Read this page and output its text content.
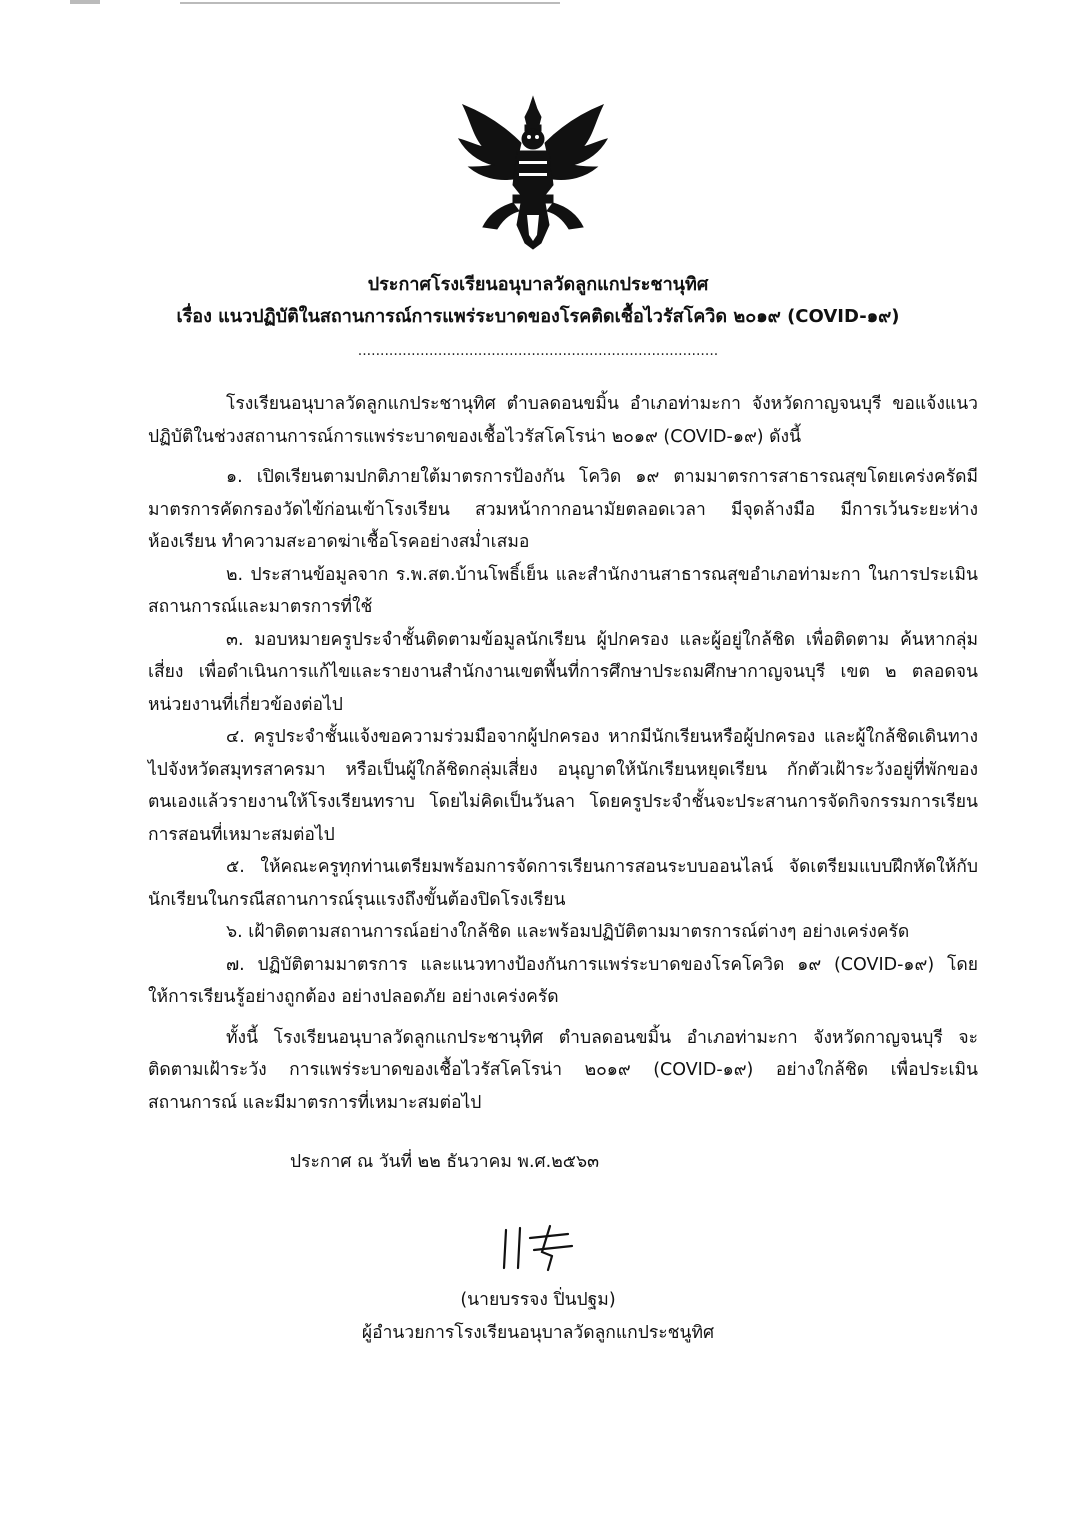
ประกาศโรงเรียนอนุบาลวัดลูกแกประชานุทิศ
เรื่อง แนวปฏิบัติในสถานการณ์การแพร่ระบาดของโรคติดเชื้อไวรัสโควิด ๒๐๑๙ (COVID-๑๙)
.................................................................................

โรงเรียนอนุบาลวัดลูกแกประชานุทิศ ตำบลดอนขมิ้น อำเภอท่ามะกา จังหวัดกาญจนบุรี ขอแจ้งแนวปฏิบัติในช่วงสถานการณ์การแพร่ระบาดของเชื้อไวรัสโคโรน่า ๒๐๑๙ (COVID-๑๙) ดังนี้

๑. เปิดเรียนตามปกติภายใต้มาตรการป้องกัน โควิด ๑๙ ตามมาตรการสาธารณสุขโดยเคร่งครัดมีมาตรการคัดกรองวัดไข้ก่อนเข้าโรงเรียน สวมหน้ากากอนามัยตลอดเวลา มีจุดล้างมือ มีการเว้นระยะห่างห้องเรียน ทำความสะอาดฆ่าเชื้อโรคอย่างสม่ำเสมอ

๒. ประสานข้อมูลจาก ร.พ.สต.บ้านโพธิ์เย็น และสำนักงานสาธารณสุขอำเภอท่ามะกา ในการประเมินสถานการณ์และมาตรการที่ใช้

๓. มอบหมายครูประจำชั้นติดตามข้อมูลนักเรียน ผู้ปกครอง และผู้อยู่ใกล้ชิด เพื่อติดตาม ค้นหากลุ่มเสี่ยง เพื่อดำเนินการแก้ไขและรายงานสำนักงานเขตพื้นที่การศึกษาประถมศึกษากาญจนบุรี เขต ๒ ตลอดจนหน่วยงานที่เกี่ยวข้องต่อไป

๔. ครูประจำชั้นแจ้งขอความร่วมมือจากผู้ปกครอง หากมีนักเรียนหรือผู้ปกครอง และผู้ใกล้ชิดเดินทางไปจังหวัดสมุทรสาครมา หรือเป็นผู้ใกล้ชิดกลุ่มเสี่ยง อนุญาตให้นักเรียนหยุดเรียน กักตัวเฝ้าระวังอยู่ที่พักของตนเองแล้วรายงานให้โรงเรียนทราบ โดยไม่คิดเป็นวันลา โดยครูประจำชั้นจะประสานการจัดกิจกรรมการเรียนการสอนที่เหมาะสมต่อไป

๕. ให้คณะครูทุกท่านเตรียมพร้อมการจัดการเรียนการสอนระบบออนไลน์ จัดเตรียมแบบฝึกหัดให้กับนักเรียนในกรณีสถานการณ์รุนแรงถึงขั้นต้องปิดโรงเรียน

๖. เฝ้าติดตามสถานการณ์อย่างใกล้ชิด และพร้อมปฏิบัติตามมาตรการณ์ต่างๆ อย่างเคร่งครัด

๗. ปฏิบัติตามมาตรการ และแนวทางป้องกันการแพร่ระบาดของโรคโควิด ๑๙ (COVID-๑๙) โดยให้การเรียนรู้อย่างถูกต้อง อย่างปลอดภัย อย่างเคร่งครัด

ทั้งนี้ โรงเรียนอนุบาลวัดลูกแกประชานุทิศ ตำบลดอนขมิ้น อำเภอท่ามะกา จังหวัดกาญจนบุรี จะติดตามเฝ้าระวัง การแพร่ระบาดของเชื้อไวรัสโคโรน่า ๒๐๑๙ (COVID-๑๙) อย่างใกล้ชิด เพื่อประเมินสถานการณ์ และมีมาตรการที่เหมาะสมต่อไป

ประกาศ ณ วันที่ ๒๒ ธันวาคม พ.ศ.๒๕๖๓
(นายบรรจง ปิ่นปฐม)
ผู้อำนวยการโรงเรียนอนุบาลวัดลูกแกประชนูทิศ
